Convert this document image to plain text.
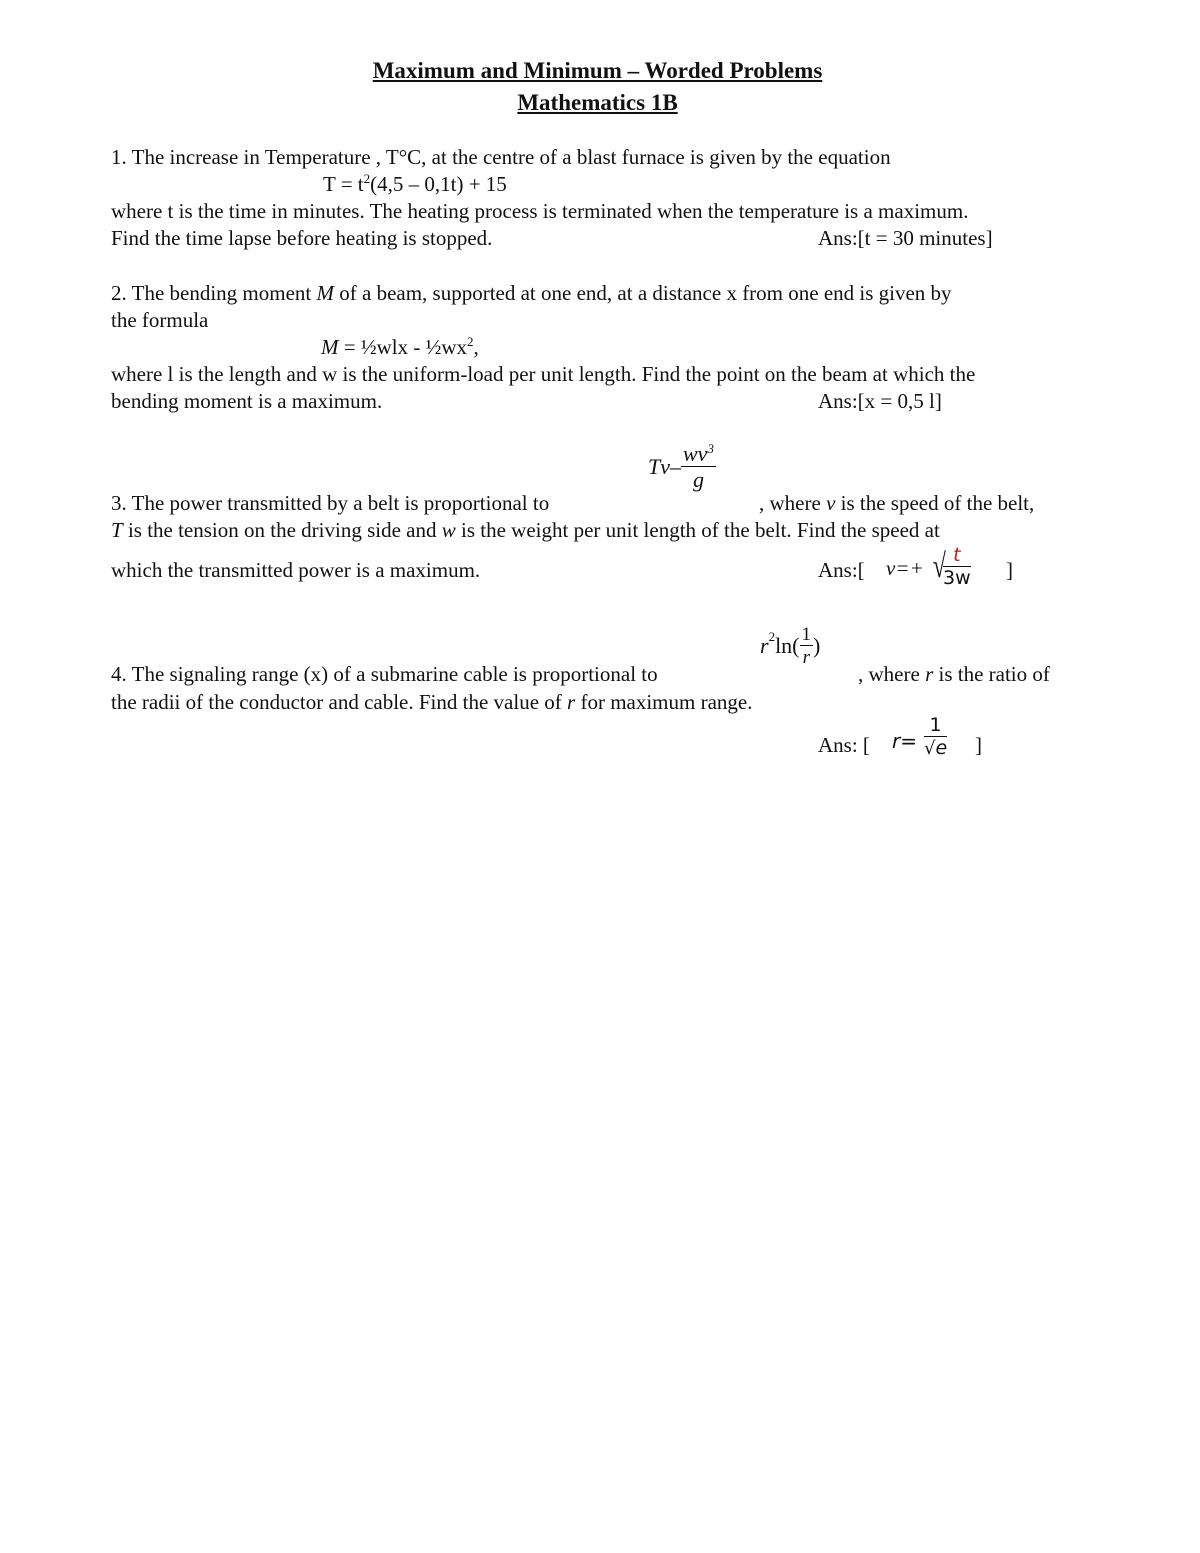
Maximum and Minimum – Worded Problems
Mathematics 1B
1. The increase in Temperature , T°C, at the centre of a blast furnace is given by the equation
$T = t^2(4,5 - 0,1t) + 15$
where t is the time in minutes. The heating process is terminated when the temperature is a maximum.
Find the time lapse before heating is stopped.	Ans:[t = 30 minutes]
2. The bending moment M of a beam, supported at one end, at a distance x from one end is given by
the formula
M = ½wlx - $\frac{1}{2}wx^2$,
where l is the length and w is the uniform-load per unit length. Find the point on the beam at which the
bending moment is a maximum.	Ans:[x = 0,5 l]
$Tv- \frac{wv^3}{g}$
3. The power transmitted by a belt is proportional to	, where v is the speed of the belt,
T is the tension on the driving side and w is the weight per unit length of the belt. Find the speed at
which the transmitted power is a maximum.	Ans:[ v=+ √
$\frac{t}{3w}$ ]
$r^2\ln( \frac{1}{r}$ )
4. The signaling range (x) of a submarine cable is proportional to	, where r is the ratio of
the radii of the conductor and cable. Find the value of r for maximum range.
Ans: [ $r= \frac{1}{√e}$ ]
